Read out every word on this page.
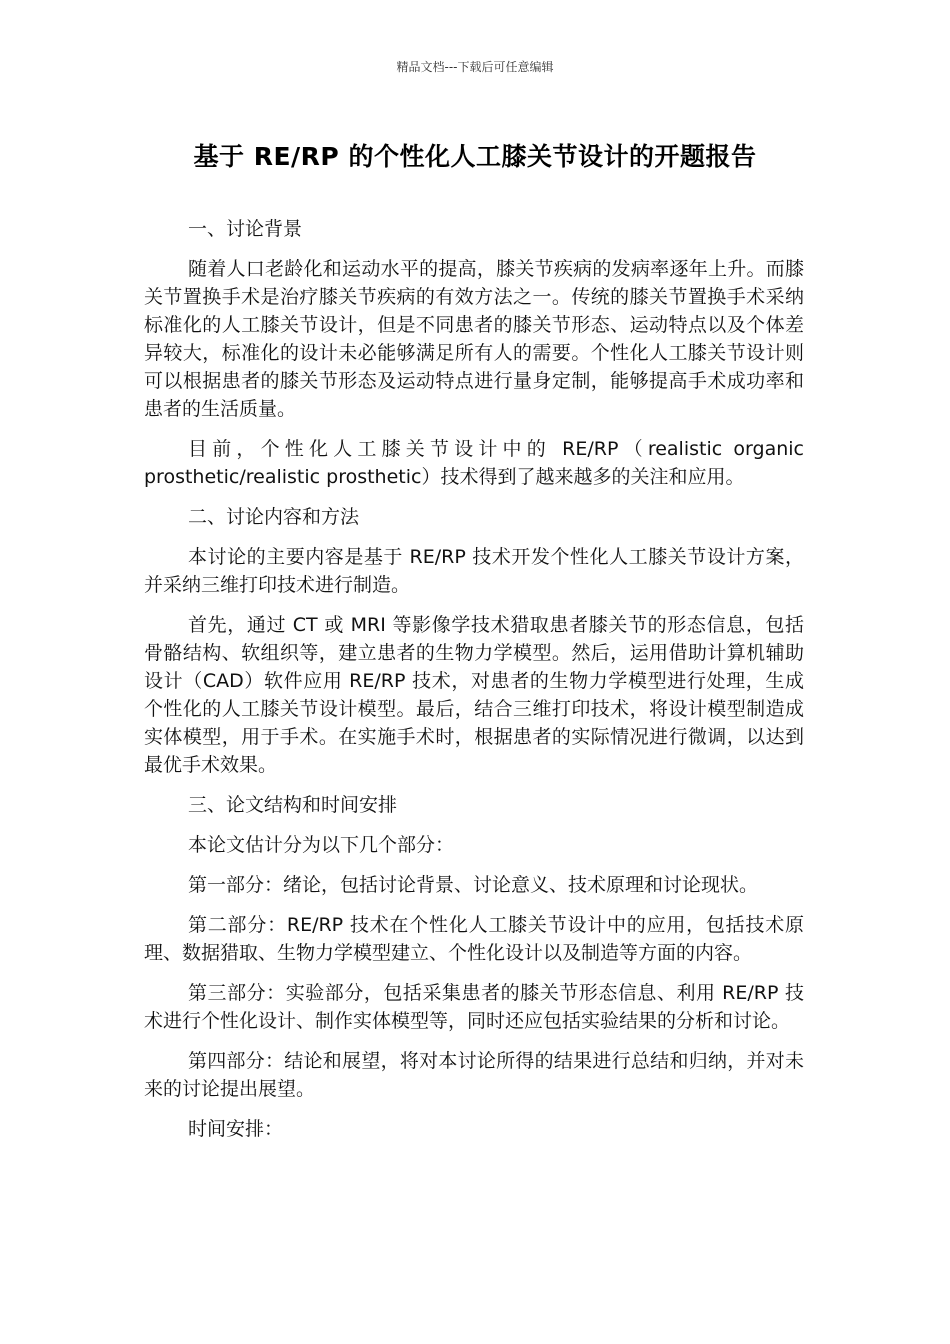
精品文档---下载后可任意编辑
基于 RE/RP 的个性化人工膝关节设计的开题报告

一、讨论背景

随着人口老龄化和运动水平的提高，膝关节疾病的发病率逐年上升。而膝关节置换手术是治疗膝关节疾病的有效方法之一。传统的膝关节置换手术采纳标准化的人工膝关节设计，但是不同患者的膝关节形态、运动特点以及个体差异较大，标准化的设计未必能够满足所有人的需要。个性化人工膝关节设计则可以根据患者的膝关节形态及运动特点进行量身定制，能够提高手术成功率和患者的生活质量。

目前，个性化人工膝关节设计中的 RE/RP（realistic organic prosthetic/realistic prosthetic）技术得到了越来越多的关注和应用。

二、讨论内容和方法

本讨论的主要内容是基于 RE/RP 技术开发个性化人工膝关节设计方案，并采纳三维打印技术进行制造。

首先，通过 CT 或 MRI 等影像学技术猎取患者膝关节的形态信息，包括骨骼结构、软组织等，建立患者的生物力学模型。然后，运用借助计算机辅助设计（CAD）软件应用 RE/RP 技术，对患者的生物力学模型进行处理，生成个性化的人工膝关节设计模型。最后，结合三维打印技术，将设计模型制造成实体模型，用于手术。在实施手术时，根据患者的实际情况进行微调，以达到最优手术效果。

三、论文结构和时间安排

本论文估计分为以下几个部分：

第一部分：绪论，包括讨论背景、讨论意义、技术原理和讨论现状。

第二部分：RE/RP 技术在个性化人工膝关节设计中的应用，包括技术原理、数据猎取、生物力学模型建立、个性化设计以及制造等方面的内容。

第三部分：实验部分，包括采集患者的膝关节形态信息、利用 RE/RP 技术进行个性化设计、制作实体模型等，同时还应包括实验结果的分析和讨论。

第四部分：结论和展望，将对本讨论所得的结果进行总结和归纳，并对未来的讨论提出展望。

时间安排：
